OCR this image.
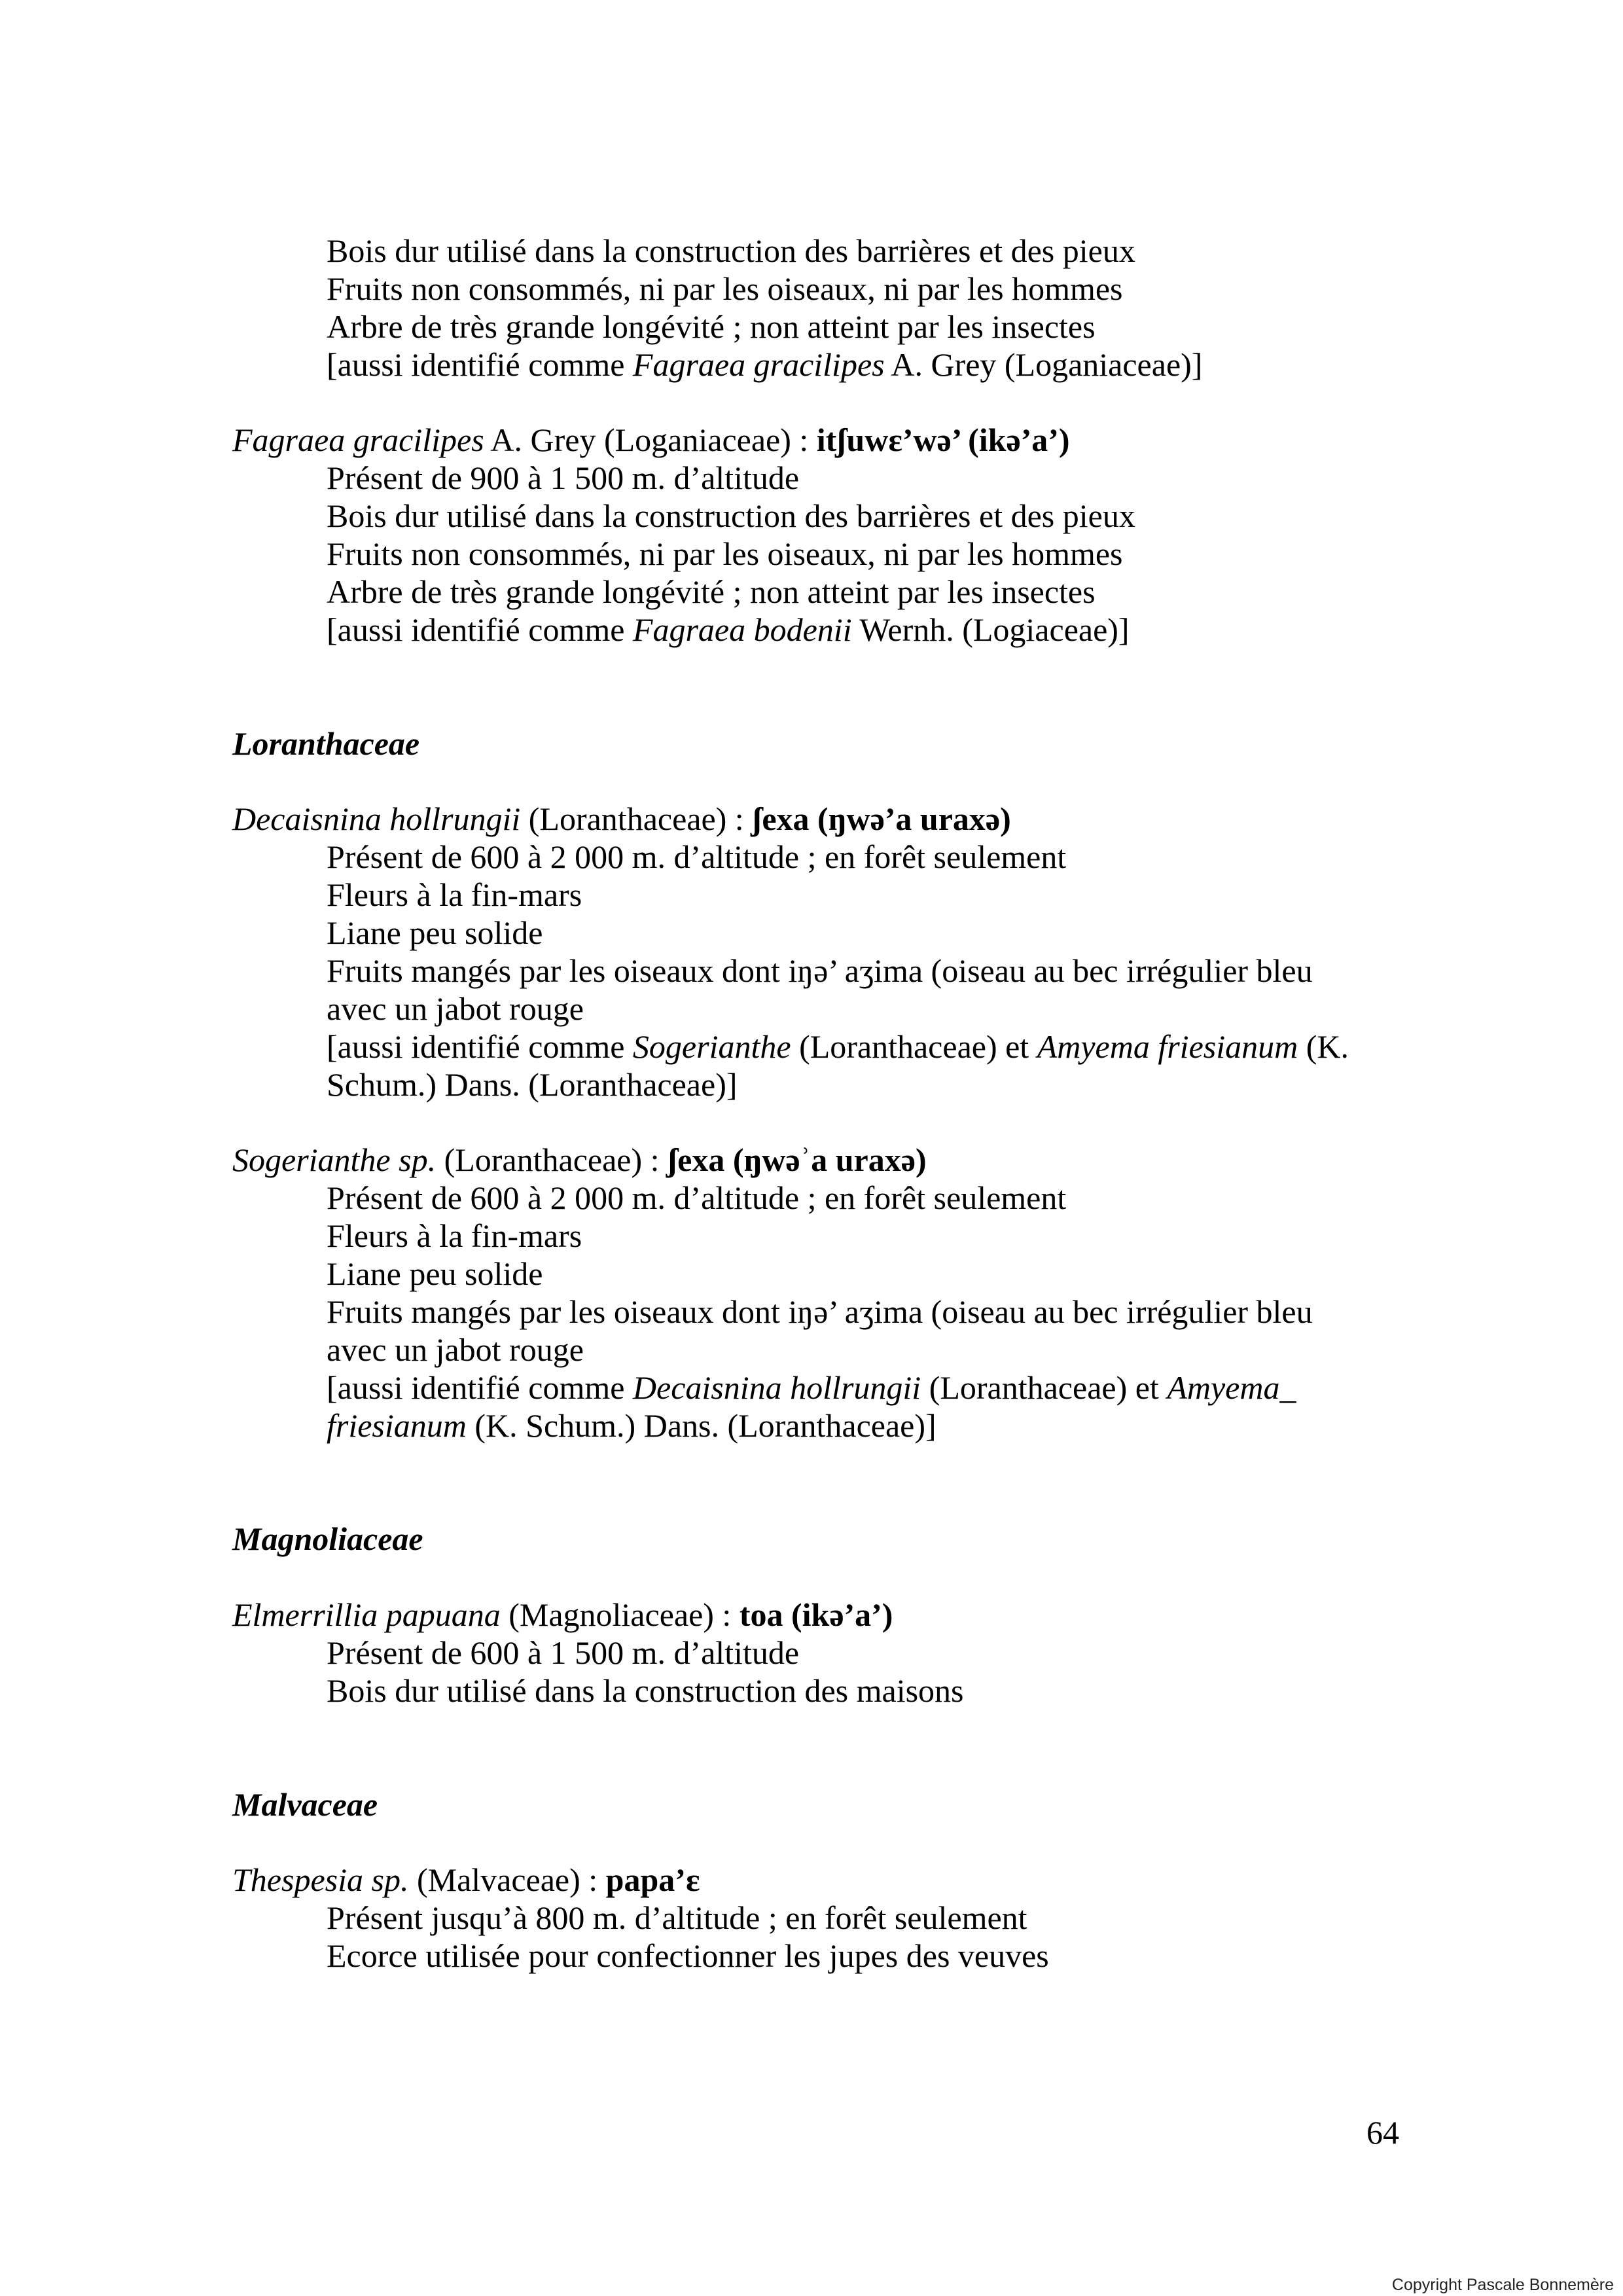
Bois dur utilisé dans la construction des barrières et des pieux
Fruits non consommés, ni par les oiseaux, ni par les hommes
Arbre de très grande longévité ; non atteint par les insectes
[aussi identifié comme Fagraea gracilipes A. Grey (Loganiaceae)]
Fagraea gracilipes A. Grey (Loganiaceae) : itʃuwɛ’wə’ (ikə’a’)
Présent de 900 à 1 500 m. d’altitude
Bois dur utilisé dans la construction des barrières et des pieux
Fruits non consommés, ni par les oiseaux, ni par les hommes
Arbre de très grande longévité ; non atteint par les insectes
[aussi identifié comme Fagraea bodenii Wernh. (Logiaceae)]
Loranthaceae
Decaisnina hollrungii (Loranthaceae) : ʃexa (ŋwə’a uraxə)
Présent de 600 à 2 000 m. d’altitude ; en forêt seulement
Fleurs à la fin-mars
Liane peu solide
Fruits mangés par les oiseaux dont iŋə’ aʒima (oiseau au bec irrégulier bleu
avec un jabot rouge
[aussi identifié comme Sogerianthe (Loranthaceae) et Amyema friesianum (K.
Schum.) Dans. (Loranthaceae)]
Sogerianthe sp. (Loranthaceae) : ʃexa (ŋwəʾa uraxə)
Présent de 600 à 2 000 m. d’altitude ; en forêt seulement
Fleurs à la fin-mars
Liane peu solide
Fruits mangés par les oiseaux dont iŋə’ aʒima (oiseau au bec irrégulier bleu
avec un jabot rouge
[aussi identifié comme Decaisnina hollrungii (Loranthaceae) et Amyema_
friesianum (K. Schum.) Dans. (Loranthaceae)]
Magnoliaceae
Elmerrillia papuana (Magnoliaceae) : toa (ikə’a’)
Présent de 600 à 1 500 m. d’altitude
Bois dur utilisé dans la construction des maisons
Malvaceae
Thespesia sp. (Malvaceae) : papa’ɛ
Présent jusqu’à 800 m. d’altitude ; en forêt seulement
Ecorce utilisée pour confectionner les jupes des veuves
64
Copyright Pascale Bonnemère
